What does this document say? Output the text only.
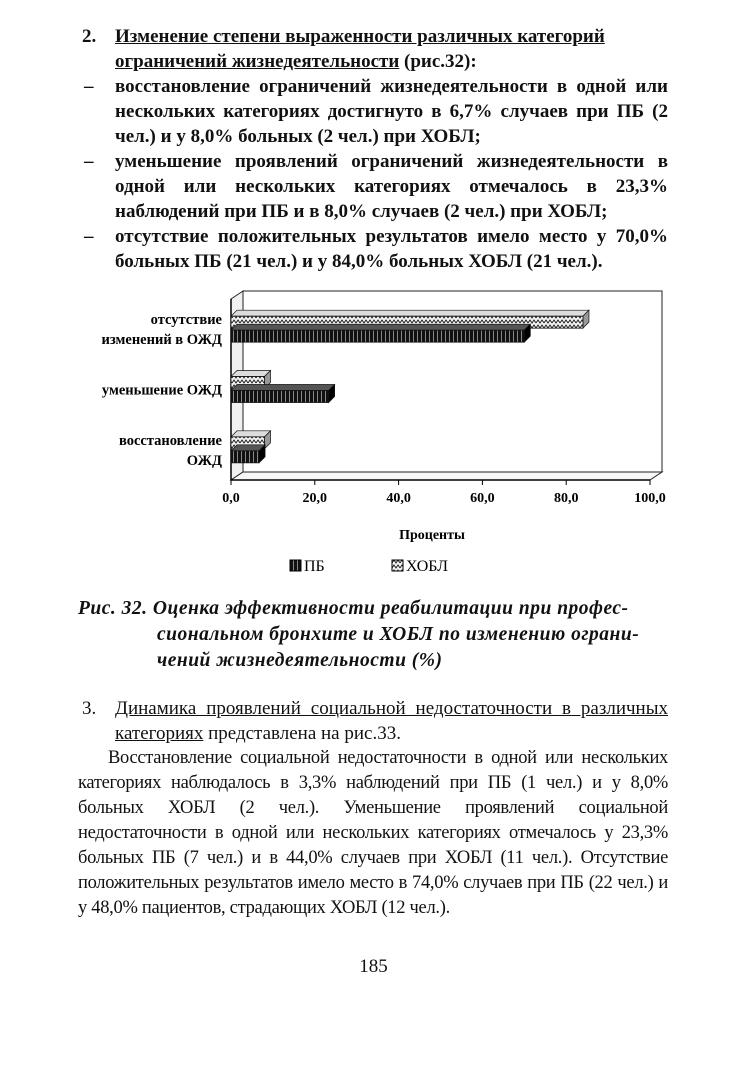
2. Изменение степени выраженности различных категорий ограничений жизнедеятельности (рис.32):

– восстановление ограничений жизнедеятельности в одной или нескольких категориях достигнуто в 6,7% случаев при ПБ (2 чел.) и у 8,0% больных (2 чел.) при ХОБЛ;

– уменьшение проявлений ограничений жизнедеятельности в одной или нескольких категориях отмечалось в 23,3% наблюдений при ПБ и в 8,0% случаев (2 чел.) при ХОБЛ;

– отсутствие положительных результатов имело место у 70,0% больных ПБ (21 чел.) и у 84,0% больных ХОБЛ (21 чел.).

отсутствие
изменений в ОЖД
уменьшение ОЖД
восстановление
ОЖД
0,0	20,0	40,0	60,0	80,0	100,0
Проценты
ПБ	ХОБЛ
Рис. 32. Оценка эффективности реабилитации при профес-
сиональном бронхите и ХОБЛ по изменению ограни-
чений жизнедеятельности (%)

3. Динамика проявлений социальной недостаточности в различных категориях представлена на рис.33.

Восстановление социальной недостаточности в одной или нескольких категориях наблюдалось в 3,3% наблюдений при ПБ (1 чел.) и у 8,0% больных ХОБЛ (2 чел.). Уменьшение проявлений социальной недостаточности в одной или нескольких категориях отмечалось у 23,3% больных ПБ (7 чел.) и в 44,0% случаев при ХОБЛ (11 чел.). Отсутствие положительных результатов имело место в 74,0% случаев при ПБ (22 чел.) и у 48,0% пациентов, страдающих ХОБЛ (12 чел.).

185
